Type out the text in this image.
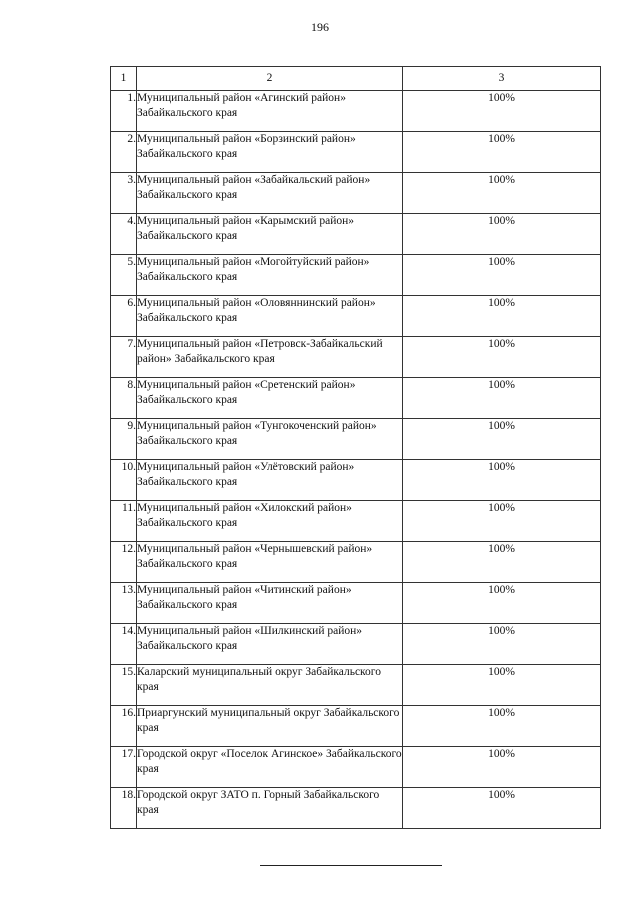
196
1	2	3
1.	Муниципальный район «Агинский район» Забайкальского края	100%
2.	Муниципальный район «Борзинский район» Забайкальского края	100%
3.	Муниципальный район «Забайкальский район» Забайкальского края	100%
4.	Муниципальный район «Карымский район» Забайкальского края	100%
5.	Муниципальный район «Могойтуйский район» Забайкальского края	100%
6.	Муниципальный район «Оловяннинский район» Забайкальского края	100%
7.	Муниципальный район «Петровск-Забайкальский район» Забайкальского края	100%
8.	Муниципальный район «Сретенский район» Забайкальского края	100%
9.	Муниципальный район «Тунгокоченский район» Забайкальского края	100%
10.	Муниципальный район «Улётовский район» Забайкальского края	100%
11.	Муниципальный район «Хилокский район» Забайкальского края	100%
12.	Муниципальный район «Чернышевский район» Забайкальского края	100%
13.	Муниципальный район «Читинский район» Забайкальского края	100%
14.	Муниципальный район «Шилкинский район» Забайкальского края	100%
15.	Каларский муниципальный округ Забайкальского края	100%
16.	Приаргунский муниципальный округ Забайкальского края	100%
17.	Городской округ «Поселок Агинское» Забайкальского края	100%
18.	Городской округ ЗАТО п. Горный Забайкальского края	100%
